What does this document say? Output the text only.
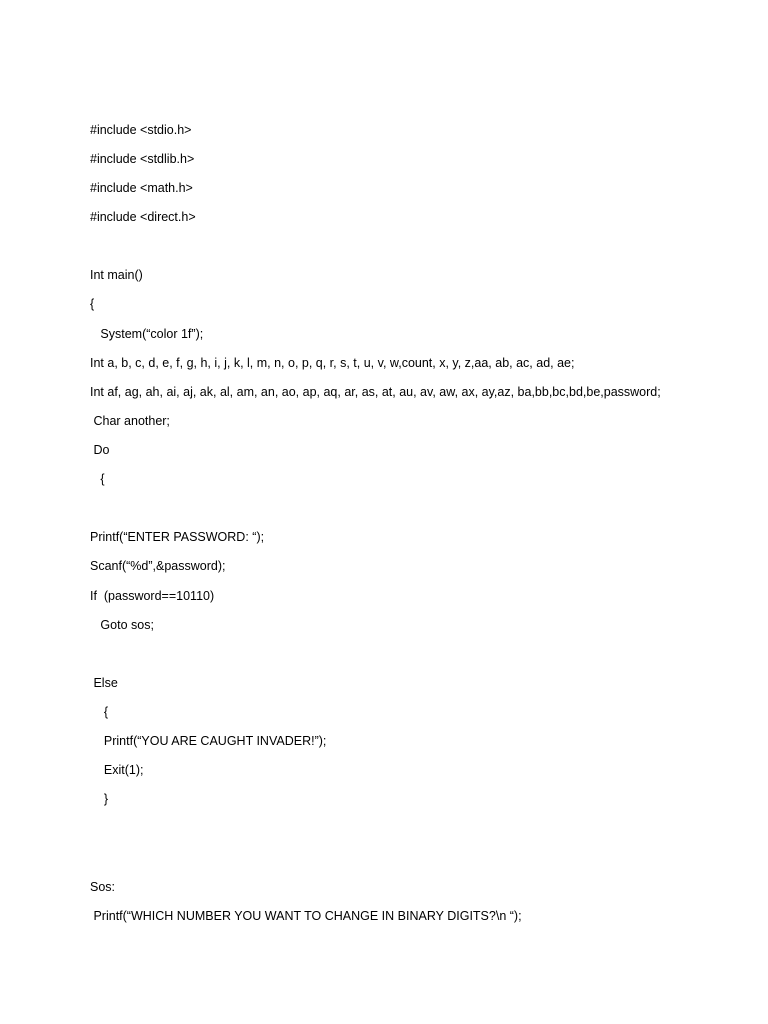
#include <stdio.h>
#include <stdlib.h>
#include <math.h>
#include <direct.h>
Int main()
{
System(“color 1f”);
Int a, b, c, d, e, f, g, h, i, j, k, l, m, n, o, p, q, r, s, t, u, v, w,count, x, y, z,aa, ab, ac, ad, ae;
Int af, ag, ah, ai, aj, ak, al, am, an, ao, ap, aq, ar, as, at, au, av, aw, ax, ay,az, ba,bb,bc,bd,be,password;
Char another;
Do
{
Printf(“ENTER PASSWORD: “);
Scanf(“%d”,&password);
If  (password==10110)
Goto sos;
Else
{
Printf(“YOU ARE CAUGHT INVADER!”);
Exit(1);
}
Sos:
Printf(“WHICH NUMBER YOU WANT TO CHANGE IN BINARY DIGITS?\n “);
